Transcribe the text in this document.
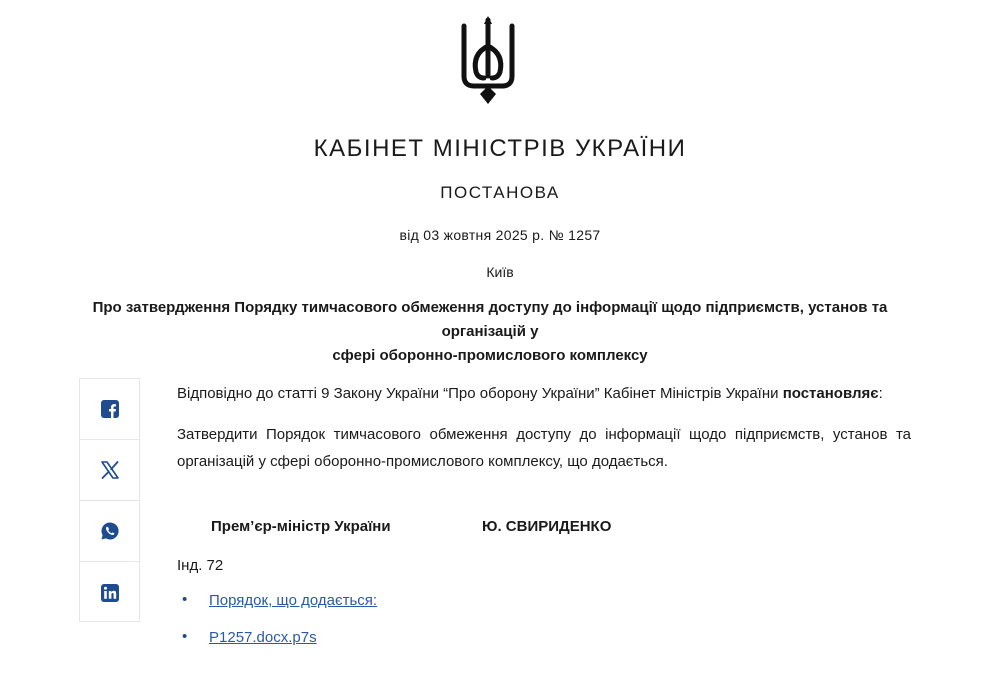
КАБІНЕТ МІНІСТРІВ УКРАЇНИ
ПОСТАНОВА
від 03 жовтня 2025 р. № 1257
Київ
Про затвердження Порядку тимчасового обмеження доступу до інформації щодо підприємств, установ та організацій у
сфері оборонно-промислового комплексу

Відповідно до статті 9 Закону України “Про оборону України” Кабінет Міністрів України постановляє:

Затвердити Порядок тимчасового обмеження доступу до інформації щодо підприємств, установ та організацій у сфері оборонно-промислового комплексу, що додається.

Прем’єр-міністр України	Ю. СВИРИДЕНКО
Інд. 72
• Порядок, що додається:
• P1257.docx.p7s
